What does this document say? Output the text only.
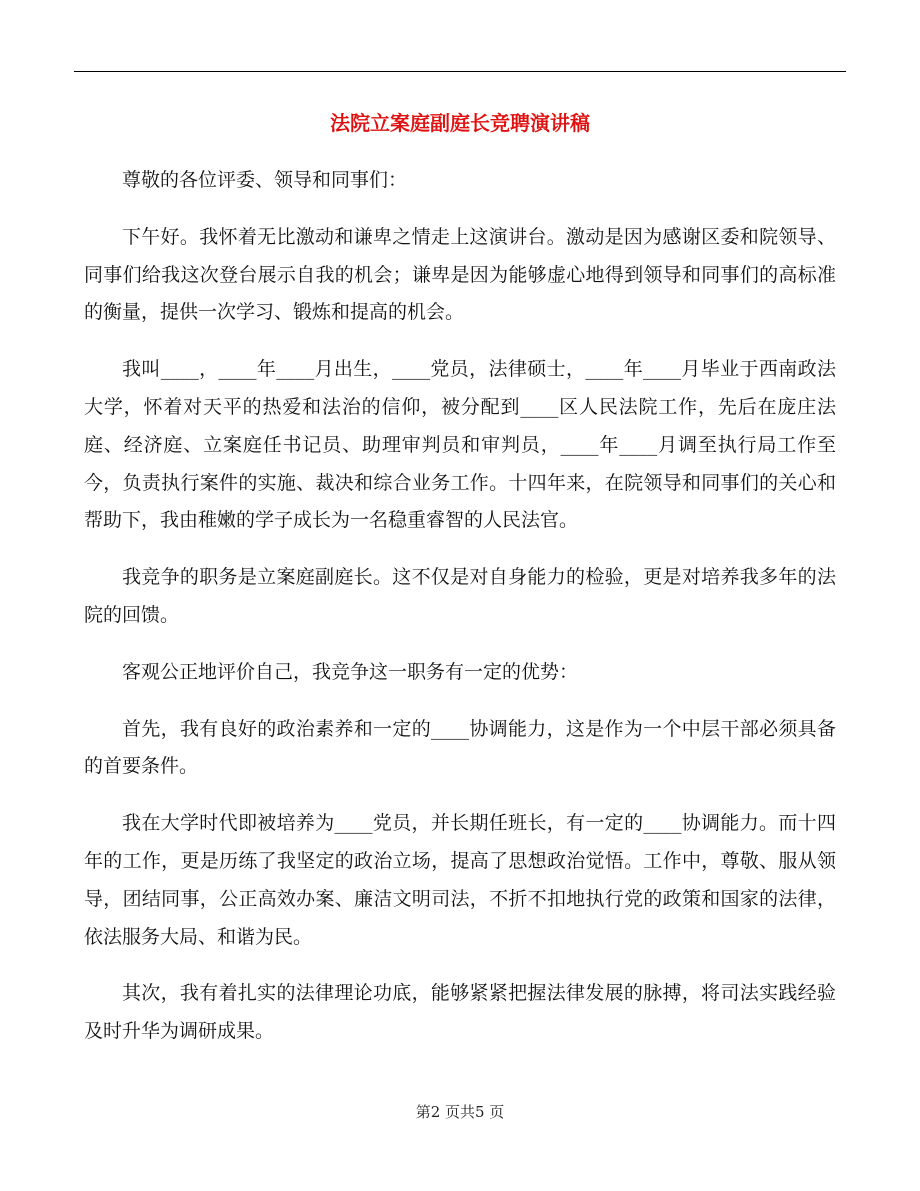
法院立案庭副庭长竞聘演讲稿

尊敬的各位评委、领导和同事们：

下午好。我怀着无比激动和谦卑之情走上这演讲台。激动是因为感谢区委和院领导、同事们给我这次登台展示自我的机会；谦卑是因为能够虚心地得到领导和同事们的高标准的衡量，提供一次学习、锻炼和提高的机会。

我叫____，____年____月出生，____党员，法律硕士，____年____月毕业于西南政法大学，怀着对天平的热爱和法治的信仰，被分配到____区人民法院工作，先后在庞庄法庭、经济庭、立案庭任书记员、助理审判员和审判员，____年____月调至执行局工作至今，负责执行案件的实施、裁决和综合业务工作。十四年来，在院领导和同事们的关心和帮助下，我由稚嫩的学子成长为一名稳重睿智的人民法官。

我竞争的职务是立案庭副庭长。这不仅是对自身能力的检验，更是对培养我多年的法院的回馈。

客观公正地评价自己，我竞争这一职务有一定的优势：

首先，我有良好的政治素养和一定的____协调能力，这是作为一个中层干部必须具备的首要条件。

我在大学时代即被培养为____党员，并长期任班长，有一定的____协调能力。而十四年的工作，更是历练了我坚定的政治立场，提高了思想政治觉悟。工作中，尊敬、服从领导，团结同事，公正高效办案、廉洁文明司法，不折不扣地执行党的政策和国家的法律，依法服务大局、和谐为民。

其次，我有着扎实的法律理论功底，能够紧紧把握法律发展的脉搏，将司法实践经验及时升华为调研成果。

第2 页共5 页
